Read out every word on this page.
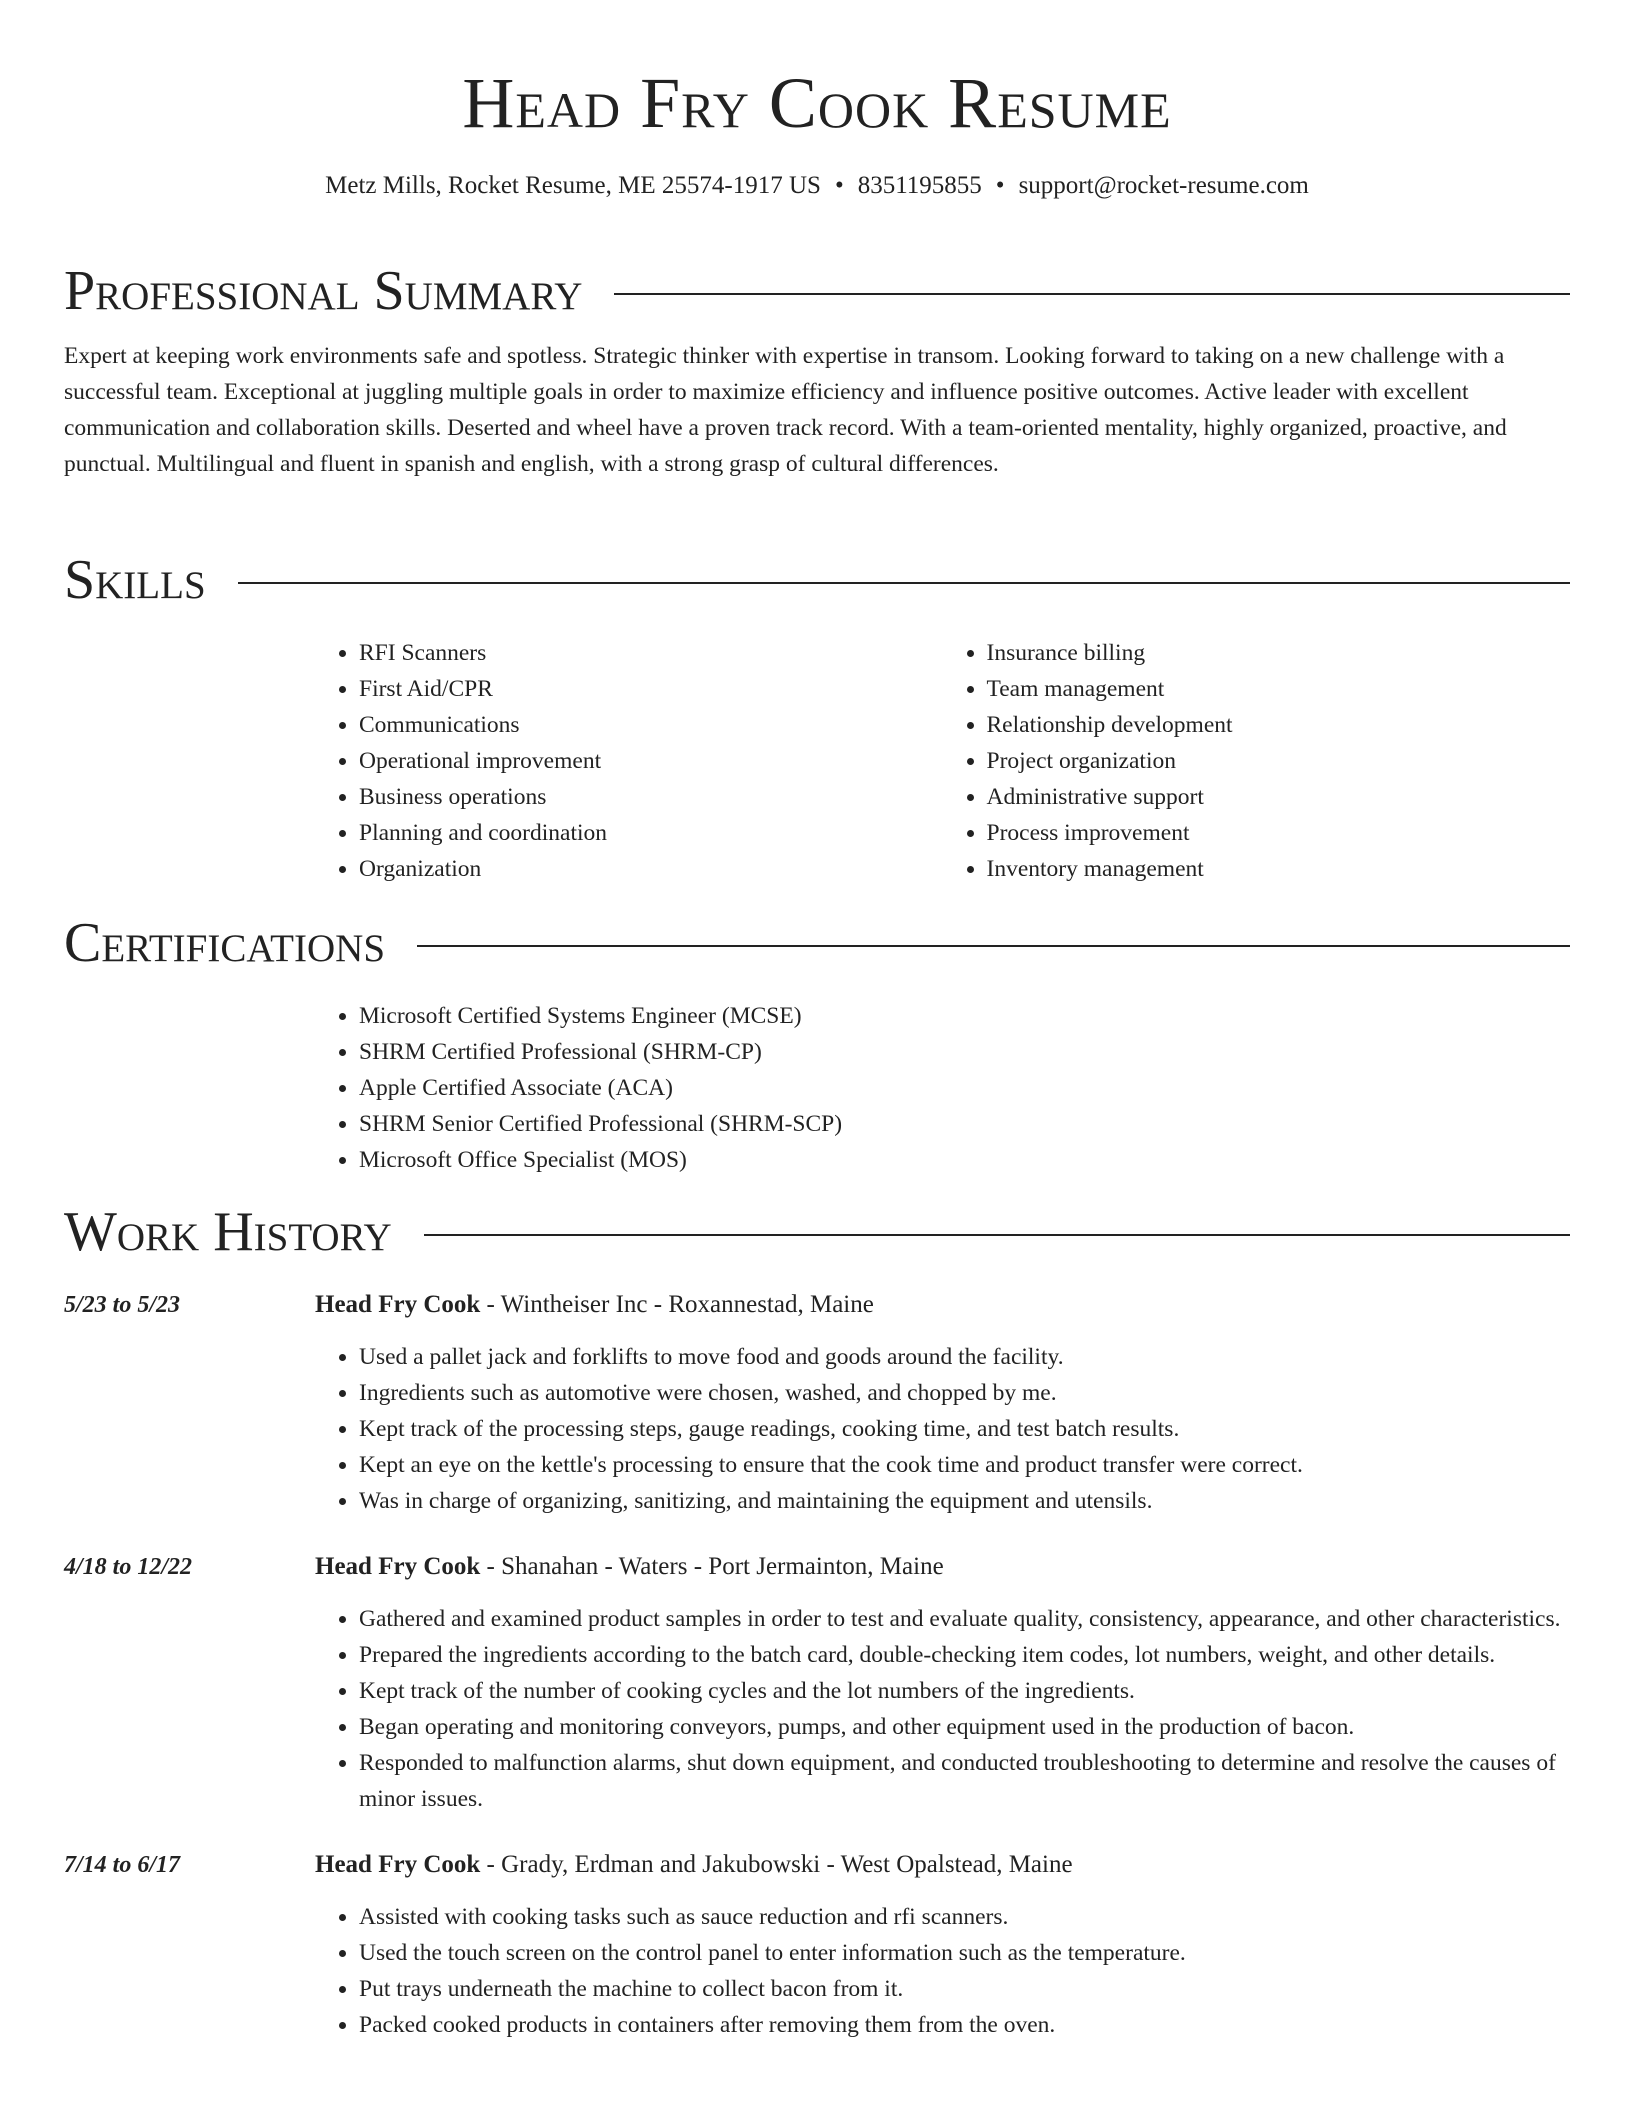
Head Fry Cook Resume
Metz Mills, Rocket Resume, ME 25574-1917 US • 8351195855 • support@rocket-resume.com
Professional Summary

Expert at keeping work environments safe and spotless. Strategic thinker with expertise in transom. Looking forward to taking on a new challenge with a successful team. Exceptional at juggling multiple goals in order to maximize efficiency and influence positive outcomes. Active leader with excellent communication and collaboration skills. Deserted and wheel have a proven track record. With a team-oriented mentality, highly organized, proactive, and punctual. Multilingual and fluent in spanish and english, with a strong grasp of cultural differences.

Skills
• RFI Scanners
• First Aid/CPR
• Communications
• Operational improvement
• Business operations
• Planning and coordination
• Organization
• Insurance billing
• Team management
• Relationship development
• Project organization
• Administrative support
• Process improvement
• Inventory management
Certifications
• Microsoft Certified Systems Engineer (MCSE)
• SHRM Certified Professional (SHRM-CP)
• Apple Certified Associate (ACA)
• SHRM Senior Certified Professional (SHRM-SCP)
• Microsoft Office Specialist (MOS)
Work History
5/23 to 5/23	Head Fry Cook - Wintheiser Inc - Roxannestad, Maine
• Used a pallet jack and forklifts to move food and goods around the facility.
• Ingredients such as automotive were chosen, washed, and chopped by me.
• Kept track of the processing steps, gauge readings, cooking time, and test batch results.
• Kept an eye on the kettle's processing to ensure that the cook time and product transfer were correct.
• Was in charge of organizing, sanitizing, and maintaining the equipment and utensils.
4/18 to 12/22	Head Fry Cook - Shanahan - Waters - Port Jermainton, Maine
• Gathered and examined product samples in order to test and evaluate quality, consistency, appearance, and other characteristics.
• Prepared the ingredients according to the batch card, double-checking item codes, lot numbers, weight, and other details.
• Kept track of the number of cooking cycles and the lot numbers of the ingredients.
• Began operating and monitoring conveyors, pumps, and other equipment used in the production of bacon.
• Responded to malfunction alarms, shut down equipment, and conducted troubleshooting to determine and resolve the causes of minor issues.
7/14 to 6/17	Head Fry Cook - Grady, Erdman and Jakubowski - West Opalstead, Maine
• Assisted with cooking tasks such as sauce reduction and rfi scanners.
• Used the touch screen on the control panel to enter information such as the temperature.
• Put trays underneath the machine to collect bacon from it.
• Packed cooked products in containers after removing them from the oven.
